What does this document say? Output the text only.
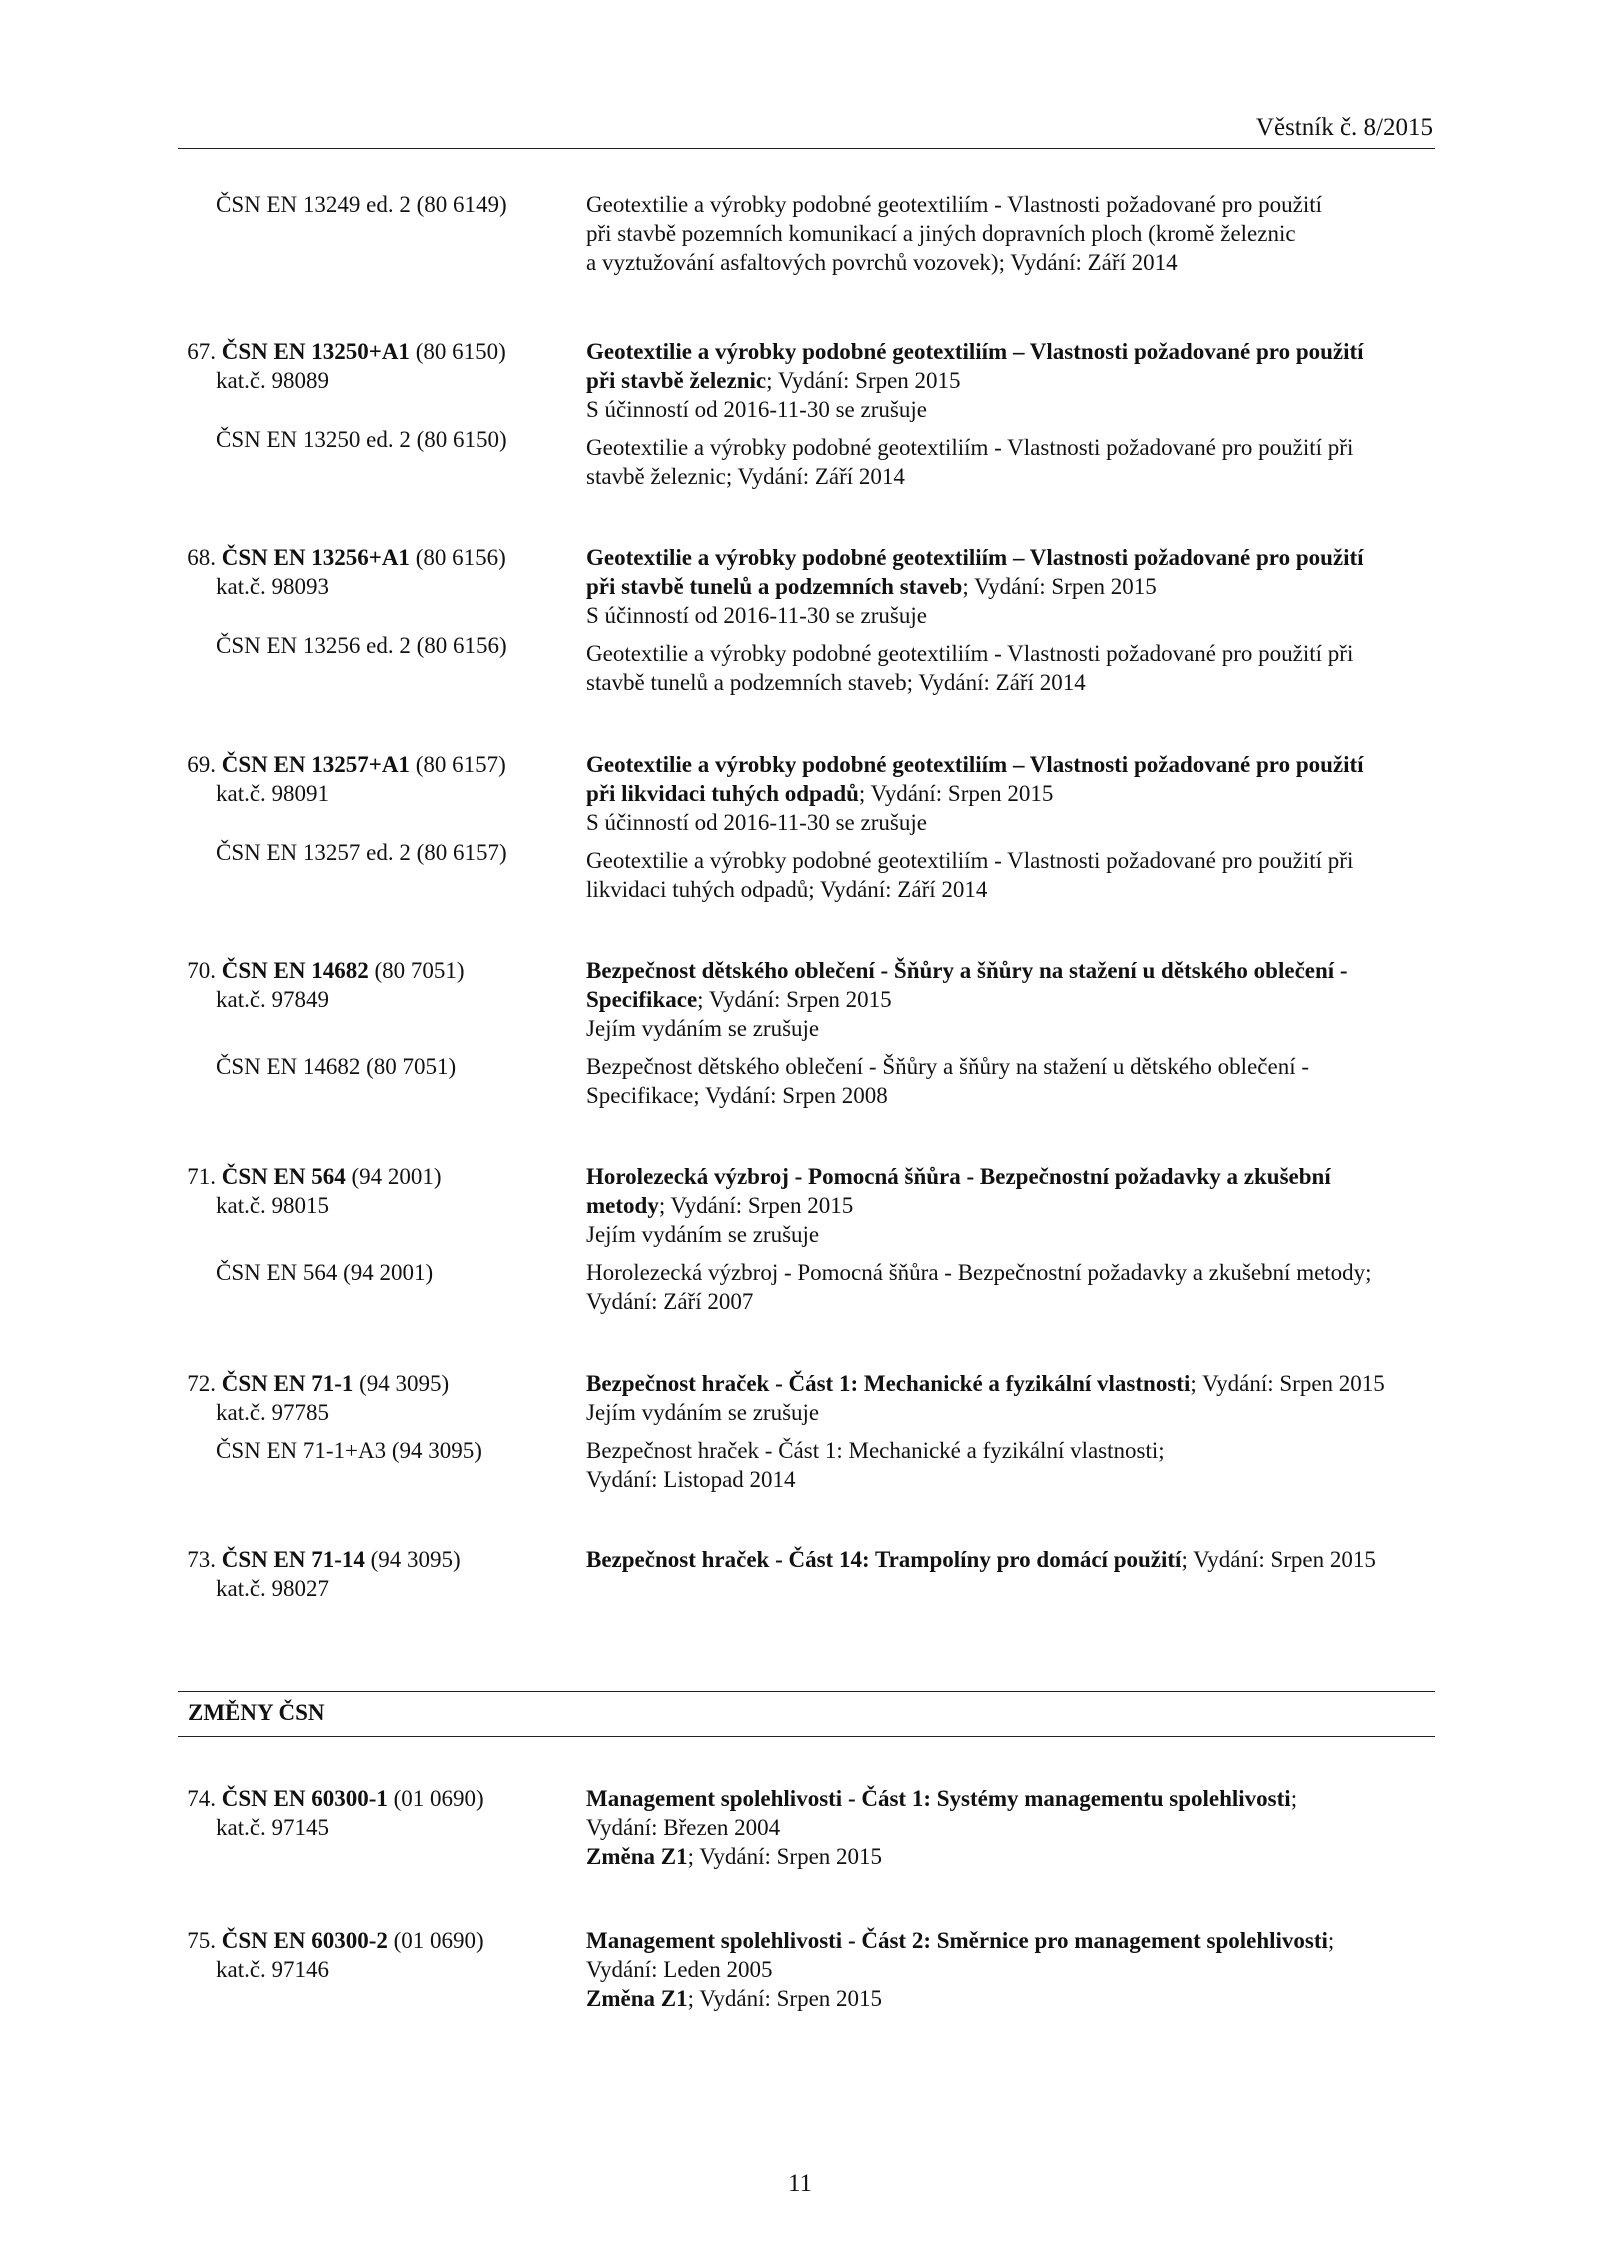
Věstník č. 8/2015
ČSN EN 13249 ed. 2 (80 6149)	Geotextilie a výrobky podobné geotextiliím - Vlastnosti požadované pro použití
při stavbě pozemních komunikací a jiných dopravních ploch (kromě železnic
a vyztužování asfaltových povrchů vozovek); Vydání: Září 2014
67. ČSN EN 13250+A1 (80 6150)
kat.č. 98089
ČSN EN 13250 ed. 2 (80 6150)
Geotextilie a výrobky podobné geotextiliím – Vlastnosti požadované pro použití
při stavbě železnic; Vydání: Srpen 2015
S účinností od 2016-11-30 se zrušuje
Geotextilie a výrobky podobné geotextiliím - Vlastnosti požadované pro použití při
stavbě železnic; Vydání: Září 2014
68. ČSN EN 13256+A1 (80 6156)
kat.č. 98093
ČSN EN 13256 ed. 2 (80 6156)
Geotextilie a výrobky podobné geotextiliím – Vlastnosti požadované pro použití
při stavbě tunelů a podzemních staveb; Vydání: Srpen 2015
S účinností od 2016-11-30 se zrušuje
Geotextilie a výrobky podobné geotextiliím - Vlastnosti požadované pro použití při
stavbě tunelů a podzemních staveb; Vydání: Září 2014
69. ČSN EN 13257+A1 (80 6157)
kat.č. 98091
ČSN EN 13257 ed. 2 (80 6157)
Geotextilie a výrobky podobné geotextiliím – Vlastnosti požadované pro použití
při likvidaci tuhých odpadů; Vydání: Srpen 2015
S účinností od 2016-11-30 se zrušuje
Geotextilie a výrobky podobné geotextiliím - Vlastnosti požadované pro použití při
likvidaci tuhých odpadů; Vydání: Září 2014
70. ČSN EN 14682 (80 7051)
kat.č. 97849
ČSN EN 14682 (80 7051)
Bezpečnost dětského oblečení - Šňůry a šňůry na stažení u dětského oblečení -
Specifikace; Vydání: Srpen 2015
Jejím vydáním se zrušuje
Bezpečnost dětského oblečení - Šňůry a šňůry na stažení u dětského oblečení -
Specifikace; Vydání: Srpen 2008
71. ČSN EN 564 (94 2001)
kat.č. 98015
ČSN EN 564 (94 2001)
Horolezecká výzbroj - Pomocná šňůra - Bezpečnostní požadavky a zkušební
metody; Vydání: Srpen 2015
Jejím vydáním se zrušuje
Horolezecká výzbroj - Pomocná šňůra - Bezpečnostní požadavky a zkušební metody;
Vydání: Září 2007
72. ČSN EN 71-1 (94 3095)
kat.č. 97785
ČSN EN 71-1+A3 (94 3095)
Bezpečnost hraček - Část 1: Mechanické a fyzikální vlastnosti; Vydání: Srpen 2015
Jejím vydáním se zrušuje
Bezpečnost hraček - Část 1: Mechanické a fyzikální vlastnosti;
Vydání: Listopad 2014
73. ČSN EN 71-14 (94 3095)
kat.č. 98027
Bezpečnost hraček - Část 14: Trampolíny pro domácí použití; Vydání: Srpen 2015
ZMĚNY ČSN
74. ČSN EN 60300-1 (01 0690)
kat.č. 97145
Management spolehlivosti - Část 1: Systémy managementu spolehlivosti;
Vydání: Březen 2004
Změna Z1; Vydání: Srpen 2015
75. ČSN EN 60300-2 (01 0690)
kat.č. 97146
Management spolehlivosti - Část 2: Směrnice pro management spolehlivosti;
Vydání: Leden 2005
Změna Z1; Vydání: Srpen 2015
11
